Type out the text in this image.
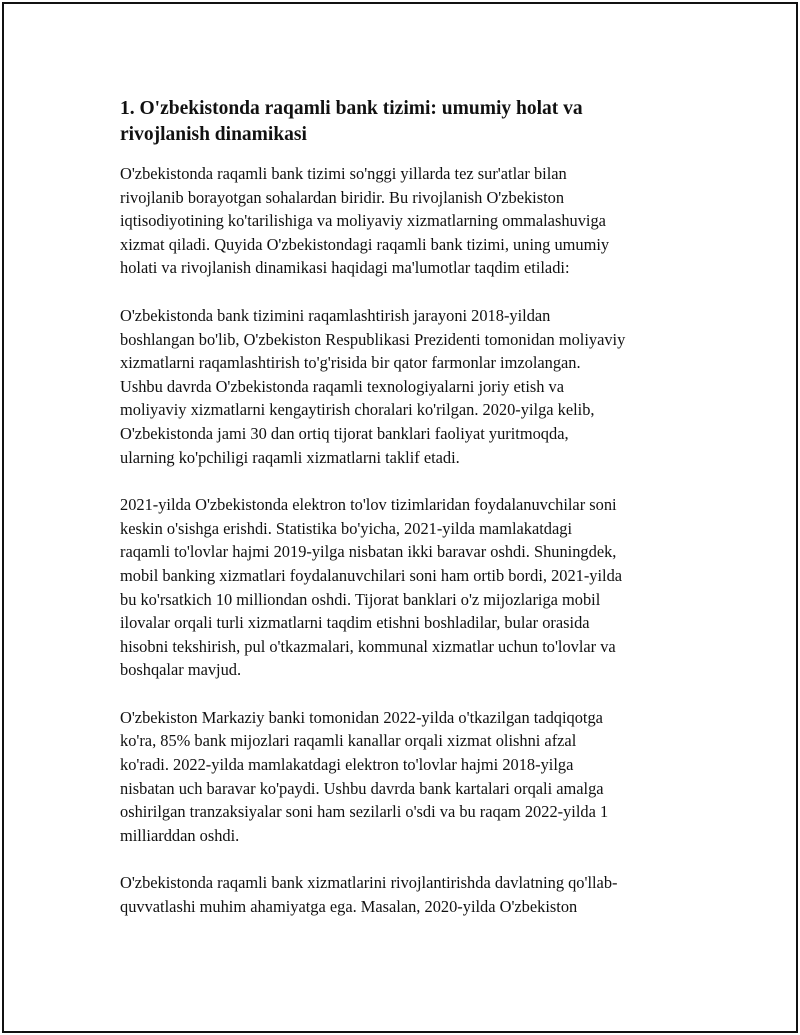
1. O'zbekistonda raqamli bank tizimi: umumiy holat va
rivojlanish dinamikasi

O'zbekistonda raqamli bank tizimi so'nggi yillarda tez sur'atlar bilan
rivojlanib borayotgan sohalardan biridir. Bu rivojlanish O'zbekiston
iqtisodiyotining ko'tarilishiga va moliyaviy xizmatlarning ommalashuviga
xizmat qiladi. Quyida O'zbekistondagi raqamli bank tizimi, uning umumiy
holati va rivojlanish dinamikasi haqidagi ma'lumotlar taqdim etiladi:

O'zbekistonda bank tizimini raqamlashtirish jarayoni 2018-yildan
boshlangan bo'lib, O'zbekiston Respublikasi Prezidenti tomonidan moliyaviy
xizmatlarni raqamlashtirish to'g'risida bir qator farmonlar imzolangan.
Ushbu davrda O'zbekistonda raqamli texnologiyalarni joriy etish va
moliyaviy xizmatlarni kengaytirish choralari ko'rilgan. 2020-yilga kelib,
O'zbekistonda jami 30 dan ortiq tijorat banklari faoliyat yuritmoqda,
ularning ko'pchiligi raqamli xizmatlarni taklif etadi.

2021-yilda O'zbekistonda elektron to'lov tizimlaridan foydalanuvchilar soni
keskin o'sishga erishdi. Statistika bo'yicha, 2021-yilda mamlakatdagi
raqamli to'lovlar hajmi 2019-yilga nisbatan ikki baravar oshdi. Shuningdek,
mobil banking xizmatlari foydalanuvchilari soni ham ortib bordi, 2021-yilda
bu ko'rsatkich 10 milliondan oshdi. Tijorat banklari o'z mijozlariga mobil
ilovalar orqali turli xizmatlarni taqdim etishni boshladilar, bular orasida
hisobni tekshirish, pul o'tkazmalari, kommunal xizmatlar uchun to'lovlar va
boshqalar mavjud.

O'zbekiston Markaziy banki tomonidan 2022-yilda o'tkazilgan tadqiqotga
ko'ra, 85% bank mijozlari raqamli kanallar orqali xizmat olishni afzal
ko'radi. 2022-yilda mamlakatdagi elektron to'lovlar hajmi 2018-yilga
nisbatan uch baravar ko'paydi. Ushbu davrda bank kartalari orqali amalga
oshirilgan tranzaksiyalar soni ham sezilarli o'sdi va bu raqam 2022-yilda 1
milliarddan oshdi.

O'zbekistonda raqamli bank xizmatlarini rivojlantirishda davlatning qo'llab-
quvvatlashi muhim ahamiyatga ega. Masalan, 2020-yilda O'zbekiston
